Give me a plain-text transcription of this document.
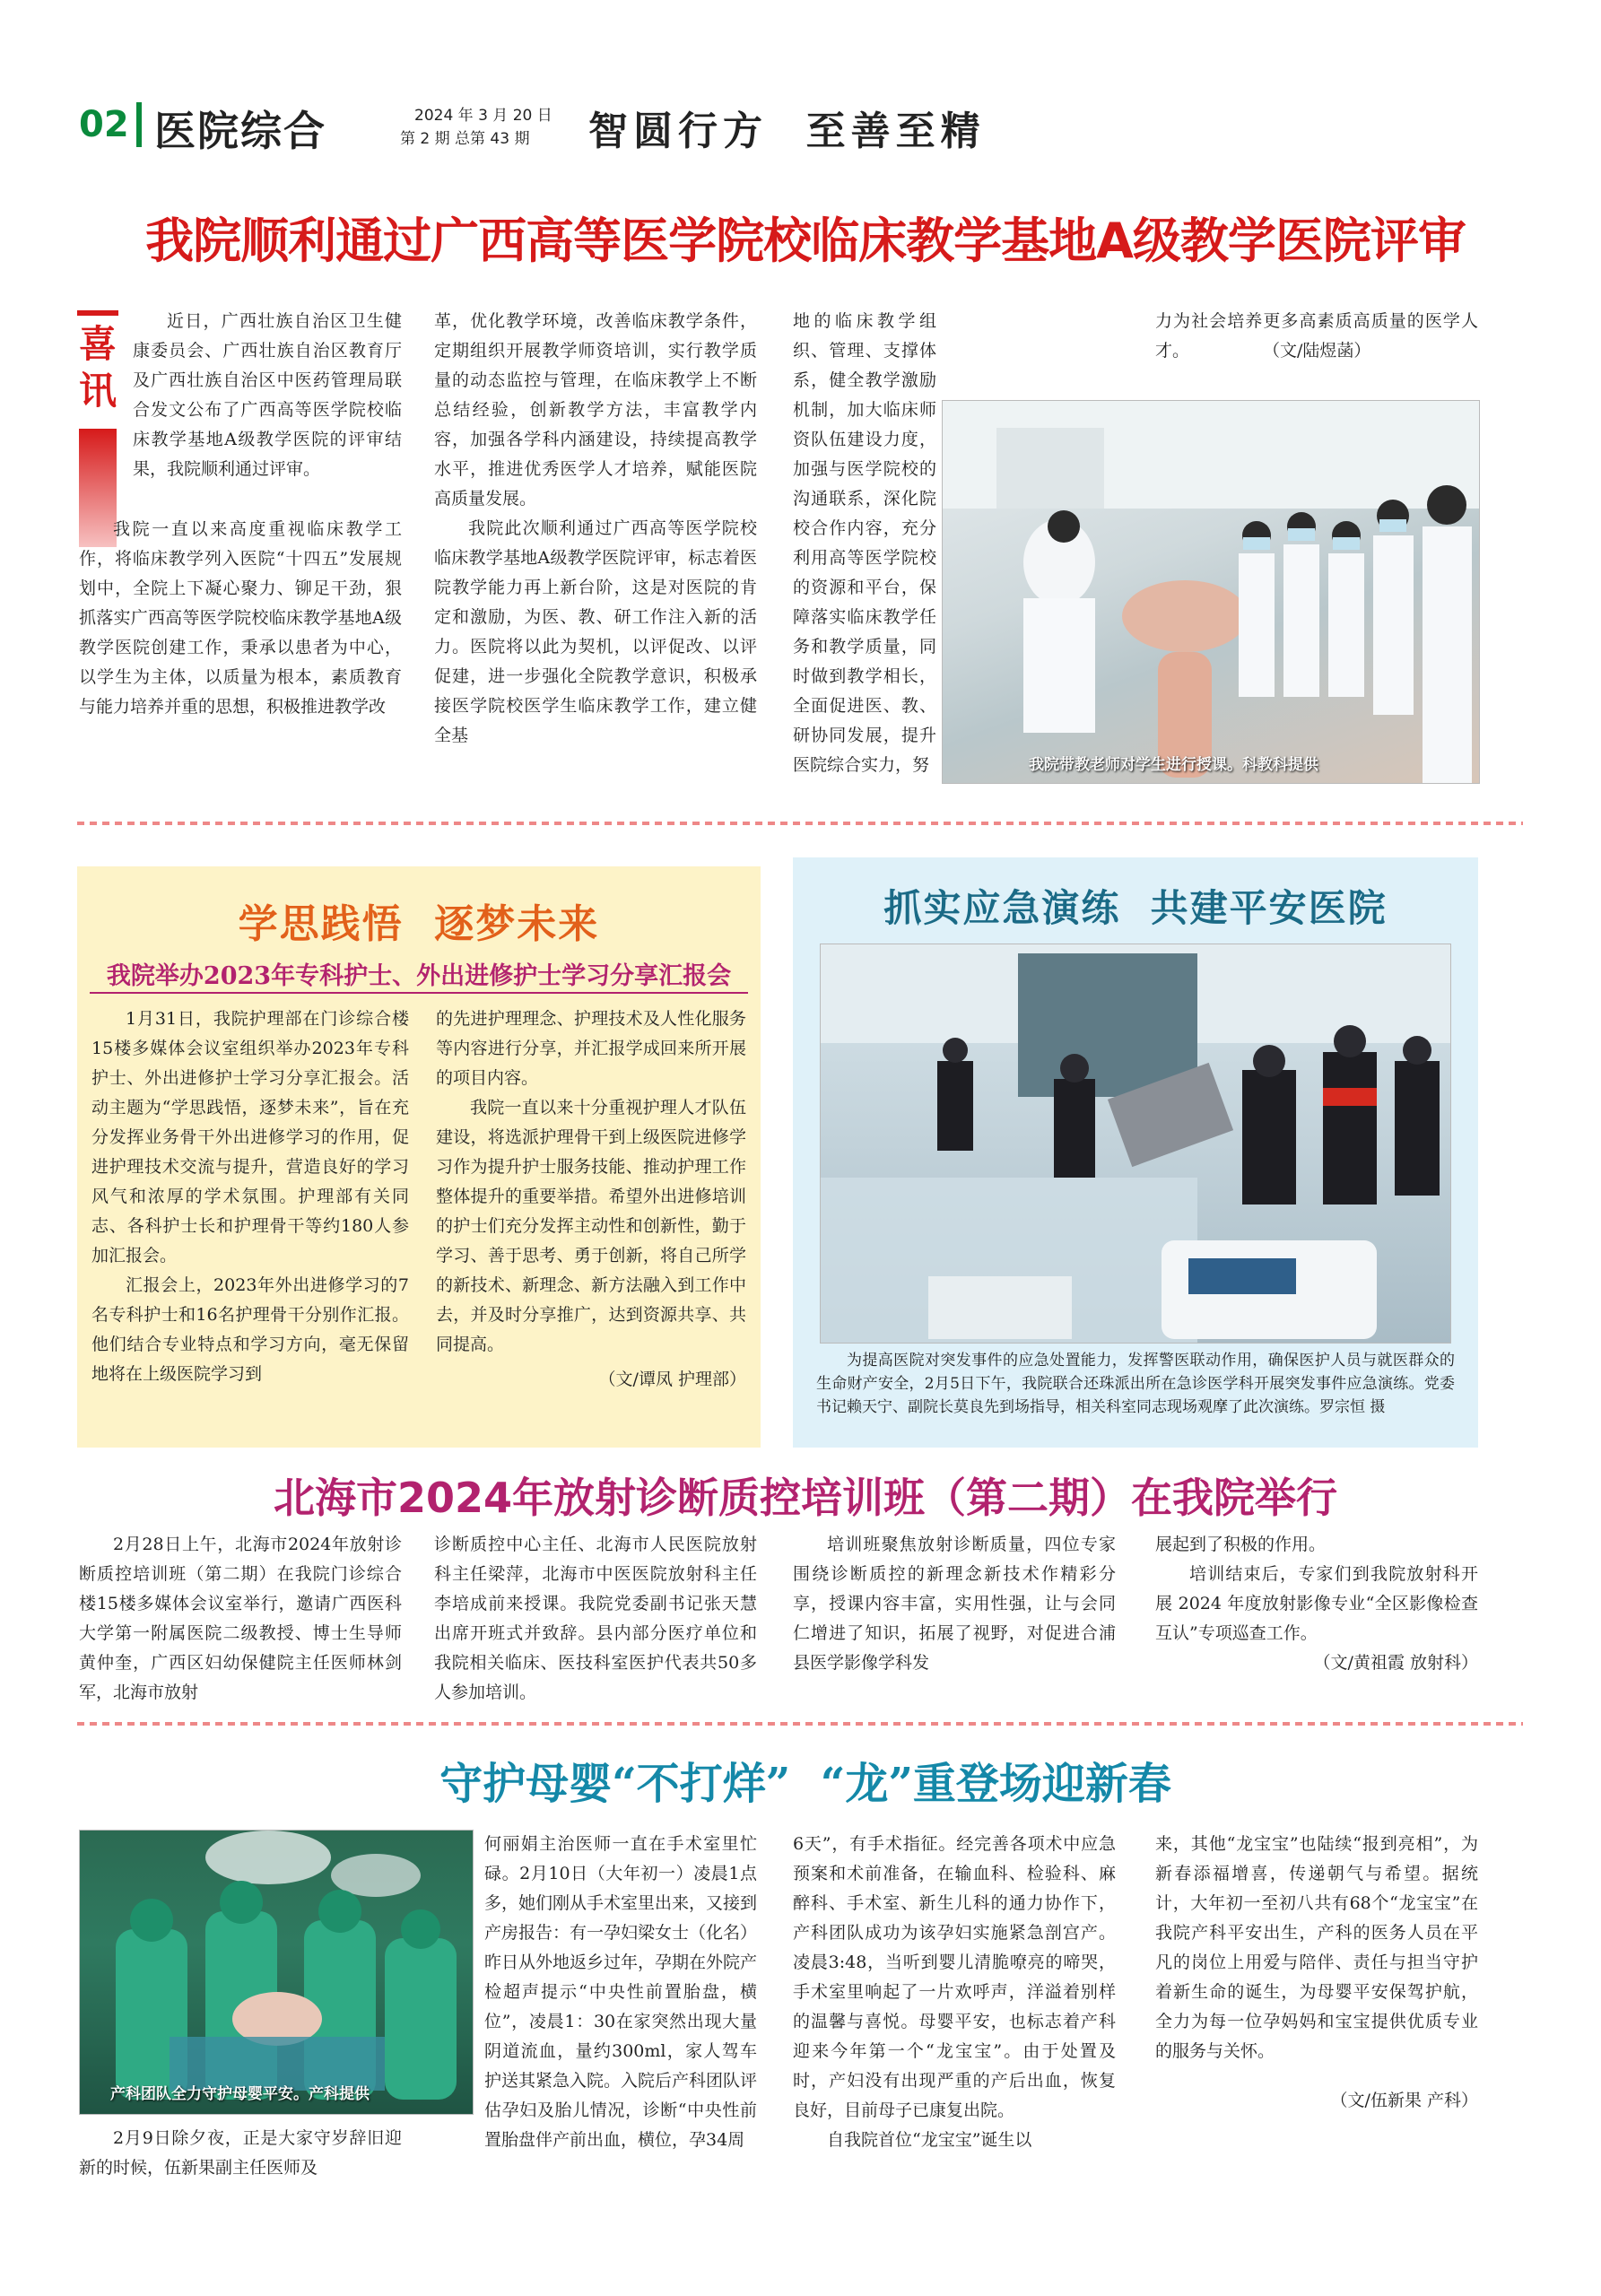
02 医院综合	2024 年 3 月 20 日
第 2 期 总第 43 期 智圆行方  至善至精
我院顺利通过广西高等医学院校临床教学基地A级教学医院评审
喜讯

近日，广西壮族自治区卫生健康委员会、广西壮族自治区教育厅及广西壮族自治区中医药管理局联合发文公布了广西高等医学院校临床教学基地A级教学医院的评审结果，我院顺利通过评审。

我院一直以来高度重视临床教学工作，将临床教学列入医院“十四五”发展规划中，全院上下凝心聚力、铆足干劲，狠抓落实广西高等医学院校临床教学基地A级教学医院创建工作，秉承以患者为中心，以学生为主体，以质量为根本，素质教育与能力培养并重的思想，积极推进教学改

革，优化教学环境，改善临床教学条件，定期组织开展教学师资培训，实行教学质量的动态监控与管理，在临床教学上不断总结经验，创新教学方法，丰富教学内容，加强各学科内涵建设，持续提高教学水平，推进优秀医学人才培养，赋能医院高质量发展。

我院此次顺利通过广西高等医学院校临床教学基地A级教学医院评审，标志着医院教学能力再上新台阶，这是对医院的肯定和激励，为医、教、研工作注入新的活力。医院将以此为契机，以评促改、以评促建，进一步强化全院教学意识，积极承接医学院校医学生临床教学工作，建立健全基

地的临床教学组织、管理、支撑体系，健全教学激励机制，加大临床师资队伍建设力度，加强与医学院校的沟通联系，深化院校合作内容，充分利用高等医学院校的资源和平台，保障落实临床教学任务和教学质量，同时做到教学相长，全面促进医、教、研协同发展，提升医院综合实力，努

力为社会培养更多高素质高质量的医学人才。	（文/陆煜菡）

我院带教老师对学生进行授课。科教科提供
学思践悟  逐梦未来
我院举办2023年专科护士、外出进修护士学习分享汇报会

1月31日，我院护理部在门诊综合楼15楼多媒体会议室组织举办2023年专科护士、外出进修护士学习分享汇报会。活动主题为“学思践悟，逐梦未来”，旨在充分发挥业务骨干外出进修学习的作用，促进护理技术交流与提升，营造良好的学习风气和浓厚的学术氛围。护理部有关同志、各科护士长和护理骨干等约180人参加汇报会。

汇报会上，2023年外出进修学习的7名专科护士和16名护理骨干分别作汇报。他们结合专业特点和学习方向，毫无保留地将在上级医院学习到

的先进护理理念、护理技术及人性化服务等内容进行分享，并汇报学成回来所开展的项目内容。

我院一直以来十分重视护理人才队伍建设，将选派护理骨干到上级医院进修学习作为提升护士服务技能、推动护理工作整体提升的重要举措。希望外出进修培训的护士们充分发挥主动性和创新性，勤于学习、善于思考、勇于创新，将自己所学的新技术、新理念、新方法融入到工作中去，并及时分享推广，达到资源共享、共同提高。

（文/谭凤 护理部）

抓实应急演练  共建平安医院
为提高医院对突发事件的应急处置能力，发挥警医联动作用，确保医护人员与就医群众的生命财产安全，2月5日下午，我院联合还珠派出所在急诊医学科开展突发事件应急演练。党委书记赖天宁、副院长莫良先到场指导，相关科室同志现场观摩了此次演练。罗宗恒 摄
北海市2024年放射诊断质控培训班（第二期）在我院举行

2月28日上午，北海市2024年放射诊断质控培训班（第二期）在我院门诊综合楼15楼多媒体会议室举行，邀请广西医科大学第一附属医院二级教授、博士生导师黄仲奎，广西区妇幼保健院主任医师林剑军，北海市放射

诊断质控中心主任、北海市人民医院放射科主任梁萍，北海市中医医院放射科主任李培成前来授课。我院党委副书记张天慧出席开班式并致辞。县内部分医疗单位和我院相关临床、医技科室医护代表共50多人参加培训。

培训班聚焦放射诊断质量，四位专家围绕诊断质控的新理念新技术作精彩分享，授课内容丰富，实用性强，让与会同仁增进了知识，拓展了视野，对促进合浦县医学影像学科发

展起到了积极的作用。

培训结束后，专家们到我院放射科开展 2024 年度放射影像专业“全区影像检查互认”专项巡查工作。

（文/黄祖霞 放射科）

守护母婴“不打烊”  “龙”重登场迎新春
产科团队全力守护母婴平安。产科提供

2月9日除夕夜，正是大家守岁辞旧迎新的时候，伍新果副主任医师及

何丽娟主治医师一直在手术室里忙碌。2月10日（大年初一）凌晨1点多，她们刚从手术室里出来，又接到产房报告：有一孕妇梁女士（化名）昨日从外地返乡过年，孕期在外院产检超声提示“中央性前置胎盘，横位”，凌晨1：30在家突然出现大量阴道流血，量约300ml，家人驾车护送其紧急入院。入院后产科团队评估孕妇及胎儿情况，诊断“中央性前置胎盘伴产前出血，横位，孕34周

6天”，有手术指征。经完善各项术中应急预案和术前准备，在输血科、检验科、麻醉科、手术室、新生儿科的通力协作下，产科团队成功为该孕妇实施紧急剖宫产。凌晨3:48，当听到婴儿清脆嘹亮的啼哭，手术室里响起了一片欢呼声，洋溢着别样的温馨与喜悦。母婴平安，也标志着产科迎来今年第一个“龙宝宝”。由于处置及时，产妇没有出现严重的产后出血，恢复良好，目前母子已康复出院。

自我院首位“龙宝宝”诞生以

来，其他“龙宝宝”也陆续“报到亮相”，为新春添福增喜，传递朝气与希望。据统计，大年初一至初八共有68个“龙宝宝”在我院产科平安出生，产科的医务人员在平凡的岗位上用爱与陪伴、责任与担当守护着新生命的诞生，为母婴平安保驾护航，全力为每一位孕妈妈和宝宝提供优质专业的服务与关怀。

（文/伍新果 产科）
